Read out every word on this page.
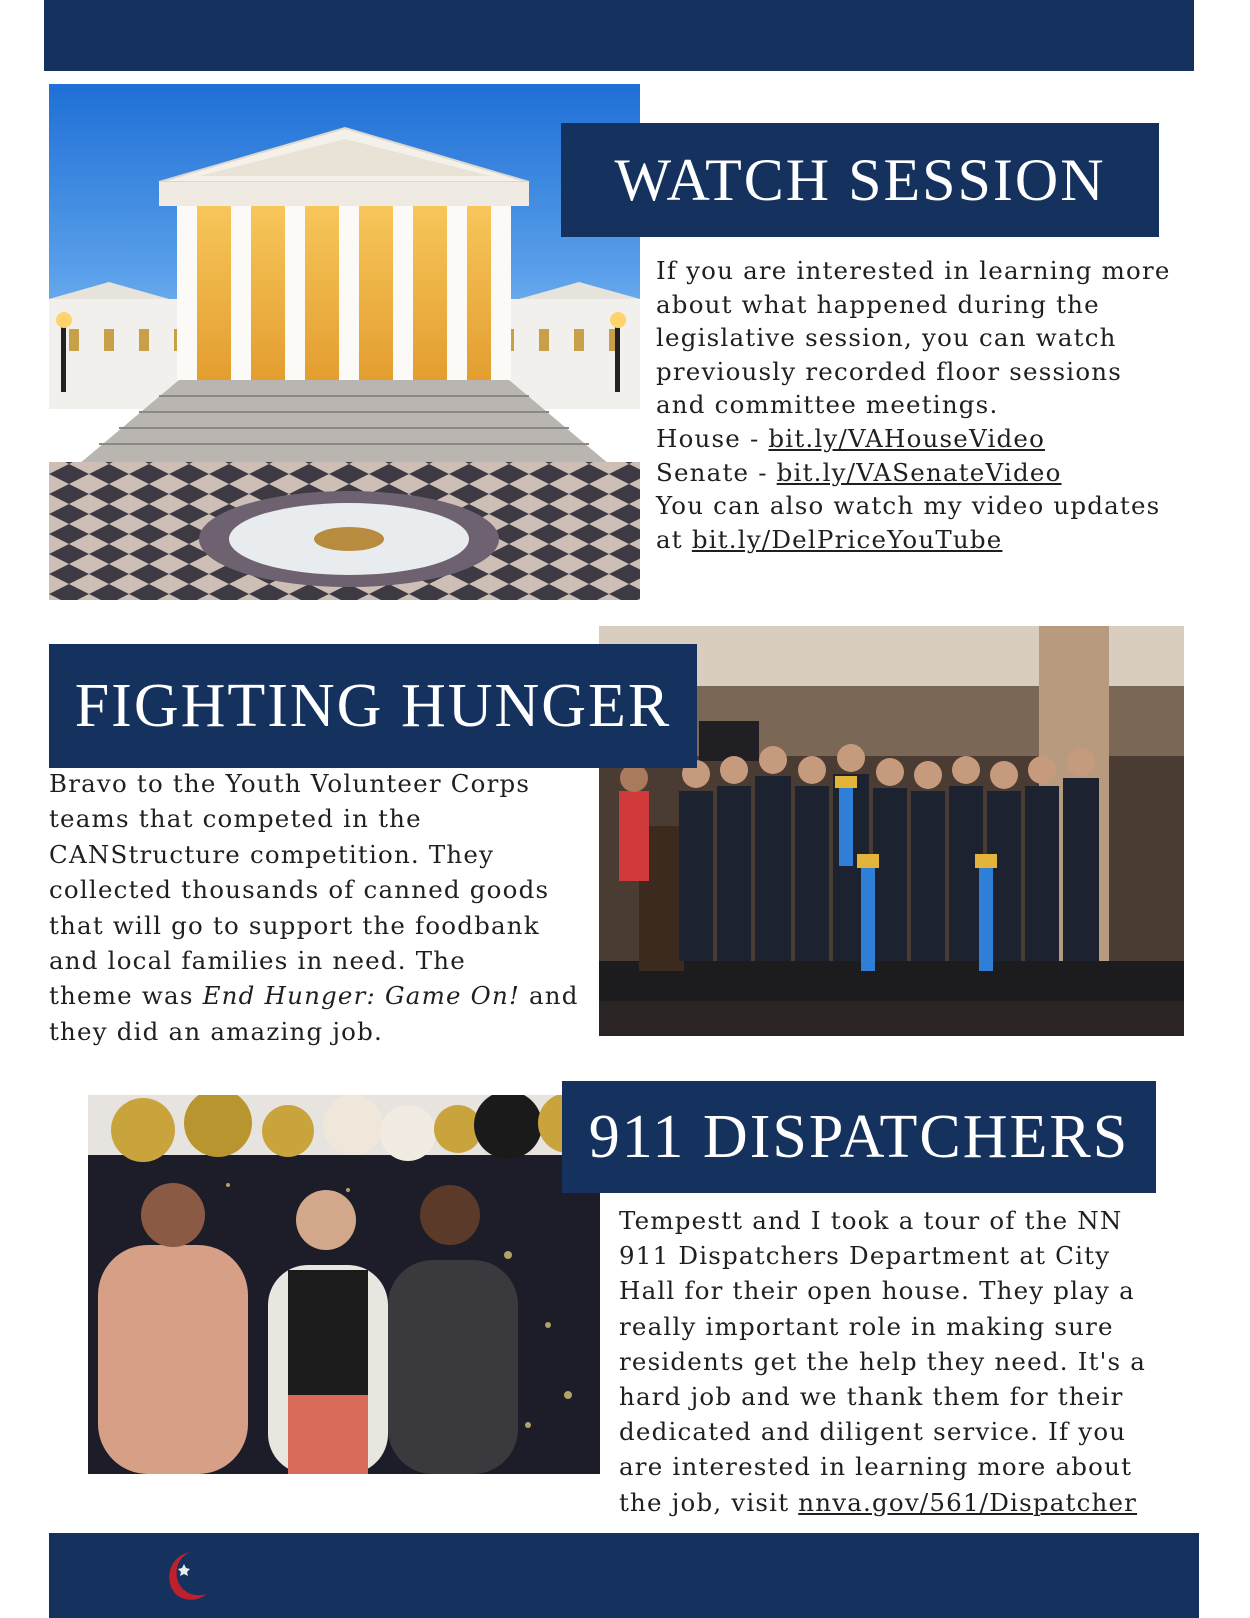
WATCH SESSION
If you are interested in learning more
about what happened during the
legislative session, you can watch
previously recorded floor sessions
and committee meetings.
House - bit.ly/VAHouseVideo
Senate - bit.ly/VASenateVideo
You can also watch my video updates
at bit.ly/DelPriceYouTube
FIGHTING HUNGER
Bravo to the Youth Volunteer Corps
teams that competed in the
CANStructure competition. They
collected thousands of canned goods
that will go to support the foodbank
and local families in need. The
theme was End Hunger: Game On! and
they did an amazing job.
911 DISPATCHERS
Tempestt and I took a tour of the NN
911 Dispatchers Department at City
Hall for their open house. They play a
really important role in making sure
residents get the help they need. It's a
hard job and we thank them for their
dedicated and diligent service. If you
are interested in learning more about
the job, visit nnva.gov/561/Dispatcher
